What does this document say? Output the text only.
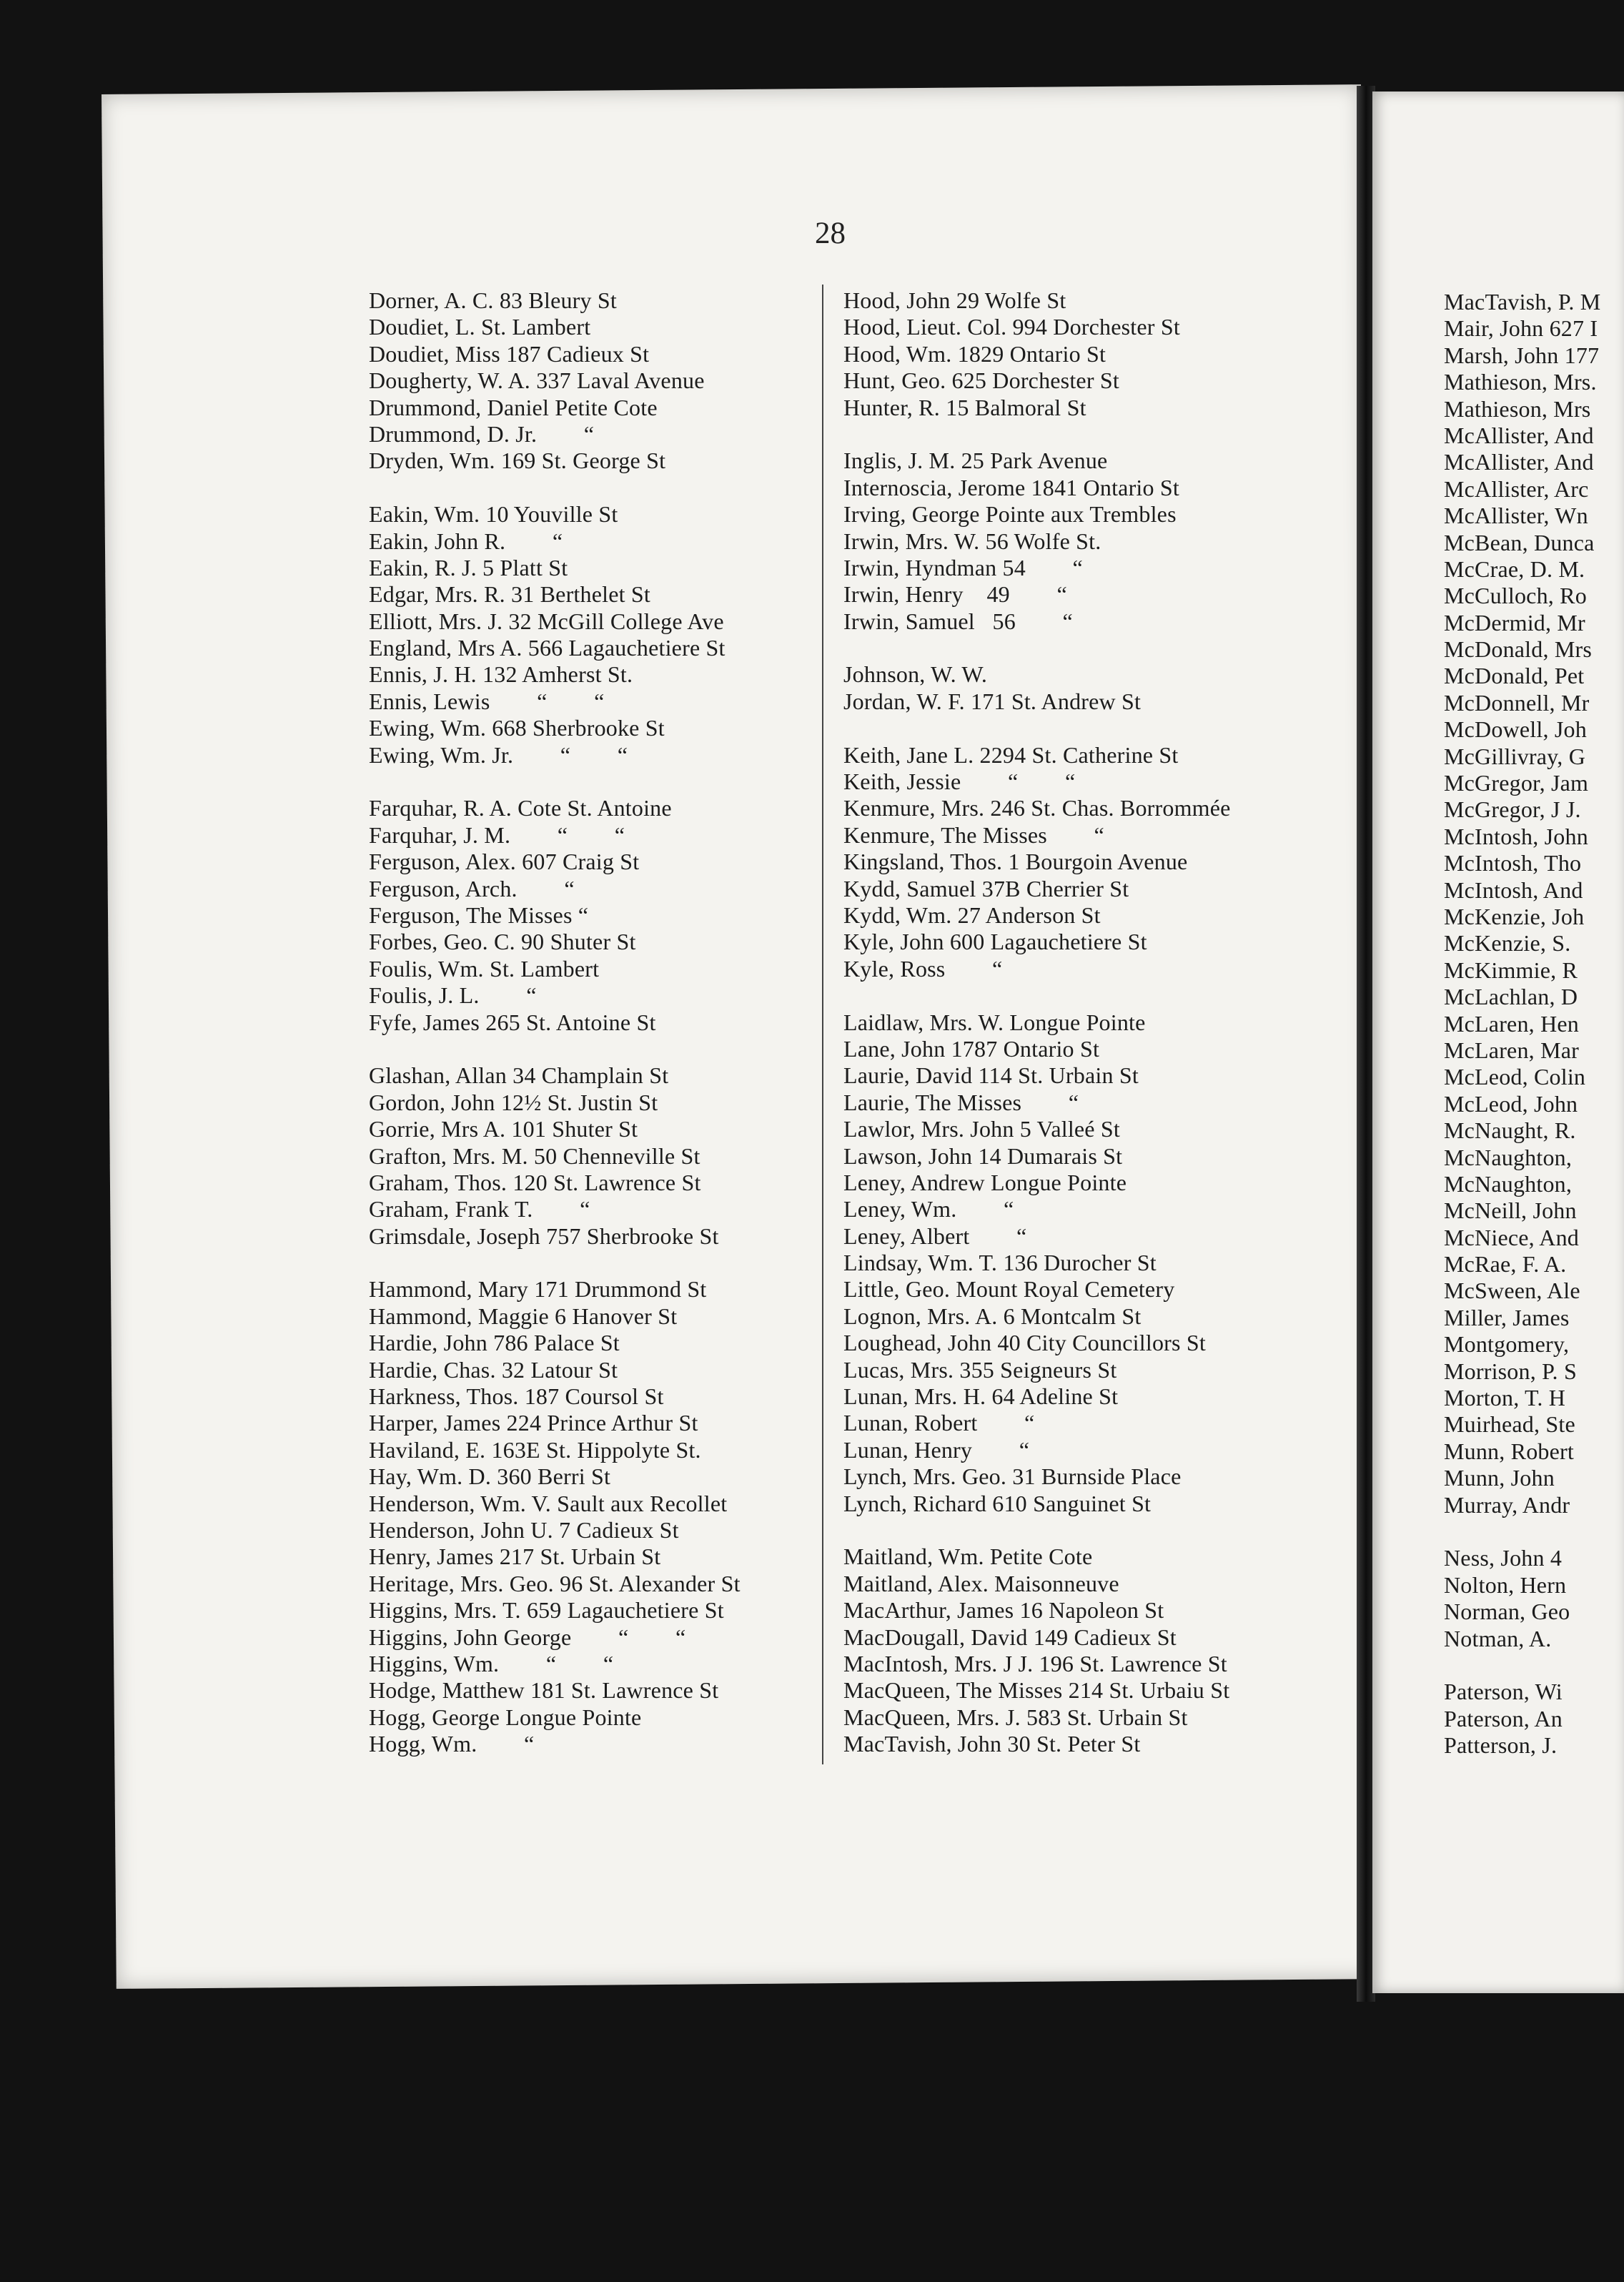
28
Dorner, A. C. 83 Bleury St
Doudiet, L. St. Lambert
Doudiet, Miss 187 Cadieux St
Dougherty, W. A. 337 Laval Avenue
Drummond, Daniel Petite Cote
Drummond, D. Jr.        “
Dryden, Wm. 169 St. George St
Eakin, Wm. 10 Youville St
Eakin, John R.        “
Eakin, R. J. 5 Platt St
Edgar, Mrs. R. 31 Berthelet St
Elliott, Mrs. J. 32 McGill College Ave
England, Mrs A. 566 Lagauchetiere St
Ennis, J. H. 132 Amherst St.
Ennis, Lewis        “        “
Ewing, Wm. 668 Sherbrooke St
Ewing, Wm. Jr.        “        “
Farquhar, R. A. Cote St. Antoine
Farquhar, J. M.        “        “
Ferguson, Alex. 607 Craig St
Ferguson, Arch.        “
Ferguson, The Misses “
Forbes, Geo. C. 90 Shuter St
Foulis, Wm. St. Lambert
Foulis, J. L.        “
Fyfe, James 265 St. Antoine St
Glashan, Allan 34 Champlain St
Gordon, John 12½ St. Justin St
Gorrie, Mrs A. 101 Shuter St
Grafton, Mrs. M. 50 Chenneville St
Graham, Thos. 120 St. Lawrence St
Graham, Frank T.        “
Grimsdale, Joseph 757 Sherbrooke St
Hammond, Mary 171 Drummond St
Hammond, Maggie 6 Hanover St
Hardie, John 786 Palace St
Hardie, Chas. 32 Latour St
Harkness, Thos. 187 Coursol St
Harper, James 224 Prince Arthur St
Haviland, E. 163E St. Hippolyte St.
Hay, Wm. D. 360 Berri St
Henderson, Wm. V. Sault aux Recollet
Henderson, John U. 7 Cadieux St
Henry, James 217 St. Urbain St
Heritage, Mrs. Geo. 96 St. Alexander St
Higgins, Mrs. T. 659 Lagauchetiere St
Higgins, John George        “        “
Higgins, Wm.        “        “
Hodge, Matthew 181 St. Lawrence St
Hogg, George Longue Pointe
Hogg, Wm.        “
Hood, John 29 Wolfe St
Hood, Lieut. Col. 994 Dorchester St
Hood, Wm. 1829 Ontario St
Hunt, Geo. 625 Dorchester St
Hunter, R. 15 Balmoral St
Inglis, J. M. 25 Park Avenue
Internoscia, Jerome 1841 Ontario St
Irving, George Pointe aux Trembles
Irwin, Mrs. W. 56 Wolfe St.
Irwin, Hyndman 54        “
Irwin, Henry    49        “
Irwin, Samuel   56        “
Johnson, W. W.
Jordan, W. F. 171 St. Andrew St
Keith, Jane L. 2294 St. Catherine St
Keith, Jessie        “        “
Kenmure, Mrs. 246 St. Chas. Borrommée
Kenmure, The Misses        “
Kingsland, Thos. 1 Bourgoin Avenue
Kydd, Samuel 37B Cherrier St
Kydd, Wm. 27 Anderson St
Kyle, John 600 Lagauchetiere St
Kyle, Ross        “
Laidlaw, Mrs. W. Longue Pointe
Lane, John 1787 Ontario St
Laurie, David 114 St. Urbain St
Laurie, The Misses        “
Lawlor, Mrs. John 5 Valleé St
Lawson, John 14 Dumarais St
Leney, Andrew Longue Pointe
Leney, Wm.        “
Leney, Albert        “
Lindsay, Wm. T. 136 Durocher St
Little, Geo. Mount Royal Cemetery
Lognon, Mrs. A. 6 Montcalm St
Loughead, John 40 City Councillors St
Lucas, Mrs. 355 Seigneurs St
Lunan, Mrs. H. 64 Adeline St
Lunan, Robert        “
Lunan, Henry        “
Lynch, Mrs. Geo. 31 Burnside Place
Lynch, Richard 610 Sanguinet St
Maitland, Wm. Petite Cote
Maitland, Alex. Maisonneuve
MacArthur, James 16 Napoleon St
MacDougall, David 149 Cadieux St
MacIntosh, Mrs. J J. 196 St. Lawrence St
MacQueen, The Misses 214 St. Urbaiu St
MacQueen, Mrs. J. 583 St. Urbain St
MacTavish, John 30 St. Peter St
MacTavish, P. M
Mair, John 627 I
Marsh, John 177
Mathieson, Mrs.
Mathieson, Mrs
McAllister, And
McAllister, And
McAllister, Arc
McAllister, Wn
McBean, Dunca
McCrae, D. M.
McCulloch, Ro
McDermid, Mr
McDonald, Mrs
McDonald, Pet
McDonnell, Mr
McDowell, Joh
McGillivray, G
McGregor, Jam
McGregor, J J.
McIntosh, John
McIntosh, Tho
McIntosh, And
McKenzie, Joh
McKenzie, S.
McKimmie, R
McLachlan, D
McLaren, Hen
McLaren, Mar
McLeod, Colin
McLeod, John
McNaught, R.
McNaughton,
McNaughton,
McNeill, John
McNiece, And
McRae, F. A.
McSween, Ale
Miller, James
Montgomery,
Morrison, P. S
Morton, T. H
Muirhead, Ste
Munn, Robert
Munn, John
Murray, Andr
Ness, John 4
Nolton, Hern
Norman, Geo
Notman, A.
Paterson, Wi
Paterson, An
Patterson, J.
